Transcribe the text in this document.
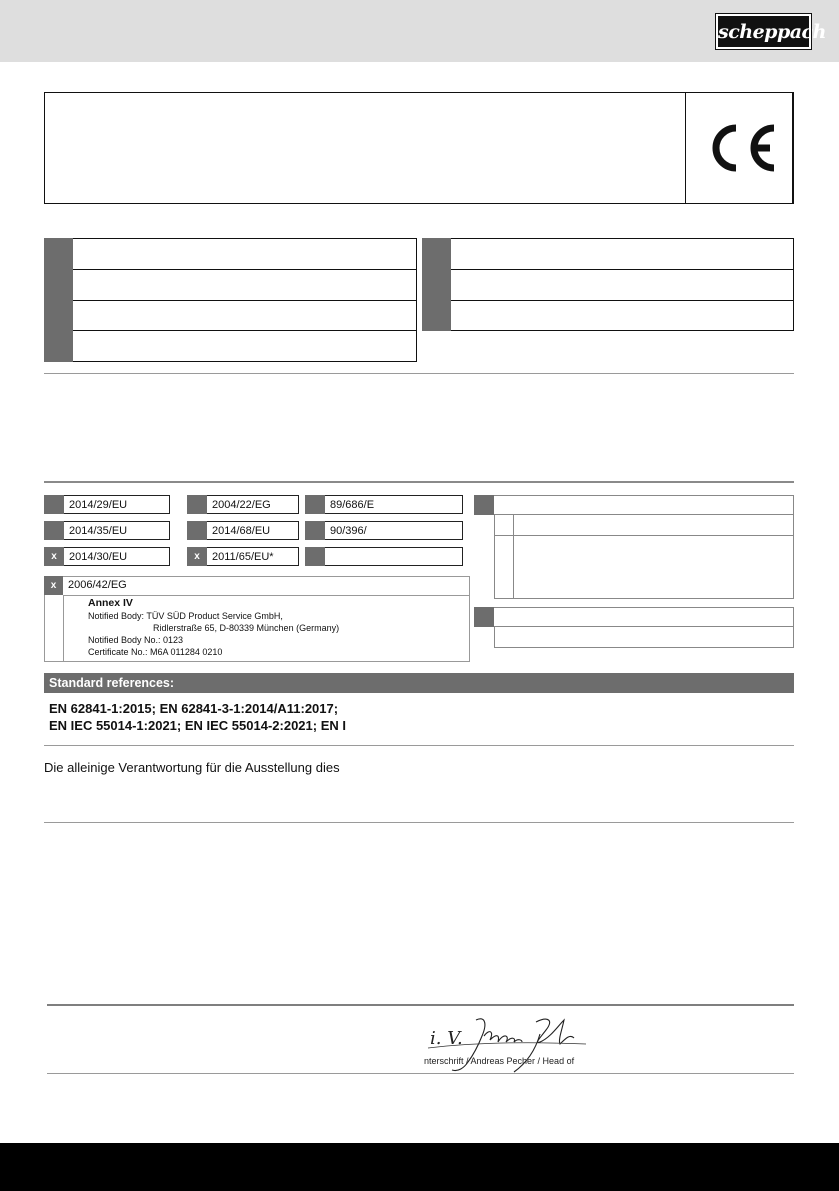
scheppach
2014/29/EU	2004/22/EG	89/686/E
2014/35/EU	2014/68/EU	90/396/
x	2014/30/EU	x	2011/65/EU*
x	2006/42/EG
Annex IV
Notified Body: TÜV SÜD Product Service GmbH,
Ridlerstraße 65, D-80339 München (Germany)
Notified Body No.: 0123
Certificate No.: M6A 011284 0210
Standard references:
EN 62841-1:2015; EN 62841-3-1:2014/A11:2017;
EN IEC 55014-1:2021; EN IEC 55014-2:2021; EN I
Die alleinige Verantwortung für die Ausstellung dies
i. V.
nterschrift / Andreas Pecher / Head of
